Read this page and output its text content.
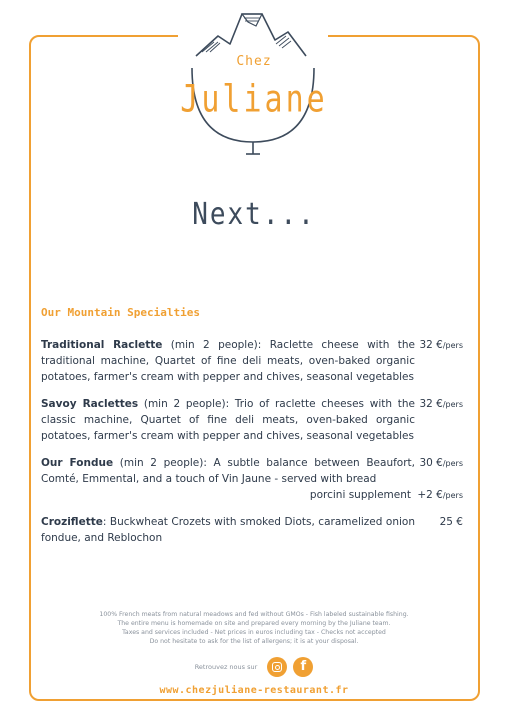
Chez
Juliane
Next...
Our Mountain Specialties
Traditional Raclette (min 2 people): Raclette cheese with the traditional machine, Quartet of fine deli meats, oven-baked organic potatoes, farmer's cream with pepper and chives, seasonal vegetables
32 €/pers
Savoy Raclettes (min 2 people): Trio of raclette cheeses with the classic machine, Quartet of fine deli meats, oven-baked organic potatoes, farmer's cream with pepper and chives, seasonal vegetables
32 €/pers
Our Fondue (min 2 people): A subtle balance between Beaufort, Comté, Emmental, and a touch of Vin Jaune - served with bread
30 €/pers
porcini supplement +2 €/pers
Croziflette: Buckwheat Crozets with smoked Diots, caramelized onion fondue, and Reblochon
25 €
100% French meats from natural meadows and fed without GMOs - Fish labeled sustainable fishing.
The entire menu is homemade on site and prepared every morning by the Juliane team.
Taxes and services included - Net prices in euros including tax - Checks not accepted
Do not hesitate to ask for the list of allergens; it is at your disposal.
Retrouvez nous sur	f
www.chezjuliane-restaurant.fr
